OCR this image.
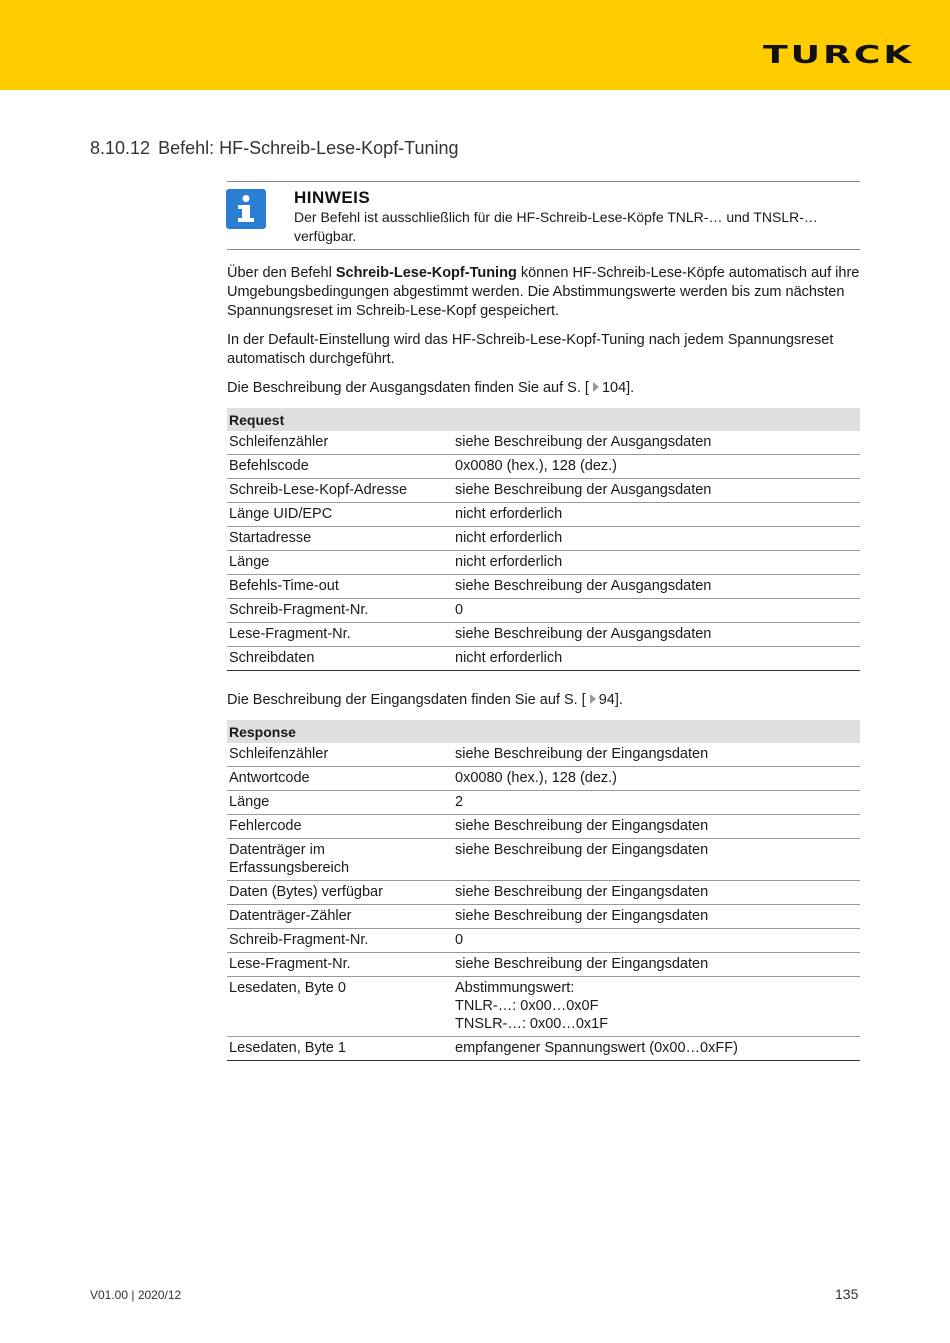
TURCK
8.10.12 Befehl: HF-Schreib-Lese-Kopf-Tuning
HINWEIS
Der Befehl ist ausschließlich für die HF-Schreib-Lese-Köpfe TNLR-… und TNSLR-… verfügbar.

Über den Befehl Schreib-Lese-Kopf-Tuning können HF-Schreib-Lese-Köpfe automatisch auf ihre Umgebungsbedingungen abgestimmt werden. Die Abstimmungswerte werden bis zum nächsten Spannungsreset im Schreib-Lese-Kopf gespeichert.

In der Default-Einstellung wird das HF-Schreib-Lese-Kopf-Tuning nach jedem Spannungsreset automatisch durchgeführt.

Die Beschreibung der Ausgangsdaten finden Sie auf S. [ 104].

Request	
Schleifenzähler	siehe Beschreibung der Ausgangsdaten
Befehlscode	0x0080 (hex.), 128 (dez.)
Schreib-Lese-Kopf-Adresse	siehe Beschreibung der Ausgangsdaten
Länge UID/EPC	nicht erforderlich
Startadresse	nicht erforderlich
Länge	nicht erforderlich
Befehls-Time-out	siehe Beschreibung der Ausgangsdaten
Schreib-Fragment-Nr.	0
Lese-Fragment-Nr.	siehe Beschreibung der Ausgangsdaten
Schreibdaten	nicht erforderlich

Die Beschreibung der Eingangsdaten finden Sie auf S. [ 94].

Response	
Schleifenzähler	siehe Beschreibung der Eingangsdaten
Antwortcode	0x0080 (hex.), 128 (dez.)
Länge	2
Fehlercode	siehe Beschreibung der Eingangsdaten
Datenträger im
Erfassungsbereich	siehe Beschreibung der Eingangsdaten
Daten (Bytes) verfügbar	siehe Beschreibung der Eingangsdaten
Datenträger-Zähler	siehe Beschreibung der Eingangsdaten
Schreib-Fragment-Nr.	0
Lese-Fragment-Nr.	siehe Beschreibung der Eingangsdaten
Lesedaten, Byte 0	Abstimmungswert:
TNLR-…: 0x00…0x0F
TNSLR-…: 0x00…0x1F
Lesedaten, Byte 1	empfangener Spannungswert (0x00…0xFF)
V01.00 | 2020/12	135
